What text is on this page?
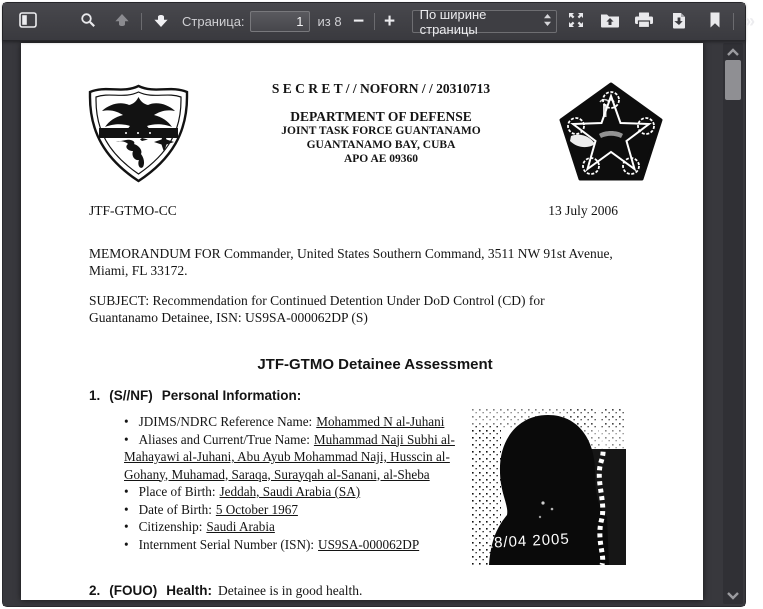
Страница:
1	из 8 −	+	По ширине страницы	»
S E C R E T / / NOFORN / / 20310713
DEPARTMENT OF DEFENSE
JOINT TASK FORCE GUANTANAMO
GUANTANAMO BAY, CUBA
APO AE 09360
JTF-GTMO-CC	13 July 2006
MEMORANDUM FOR Commander, United States Southern Command, 3511 NW 91st Avenue,
Miami, FL 33172.
SUBJECT: Recommendation for Continued Detention Under DoD Control (CD) for
Guantanamo Detainee, ISN: US9SA-000062DP (S)
JTF-GTMO Detainee Assessment
1. (S//NF) Personal Information:
• JDIMS/NDRC Reference Name: Mohammed N al-Juhani
• Aliases and Current/True Name: Muhammad Naji Subhi al-Mahayawi al-Juhani, Abu Ayub Mohammad Naji, Husscin al-Gohany, Muhamad, Saraqa, Surayqah al-Sanani, al-Sheba
• Place of Birth: Jeddah, Saudi Arabia (SA)
• Date of Birth: 5 October 1967
• Citizenship: Saudi Arabia
• Internment Serial Number (ISN): US9SA-000062DP	28/04 2005
2. (FOUO) Health: Detainee is in good health.
